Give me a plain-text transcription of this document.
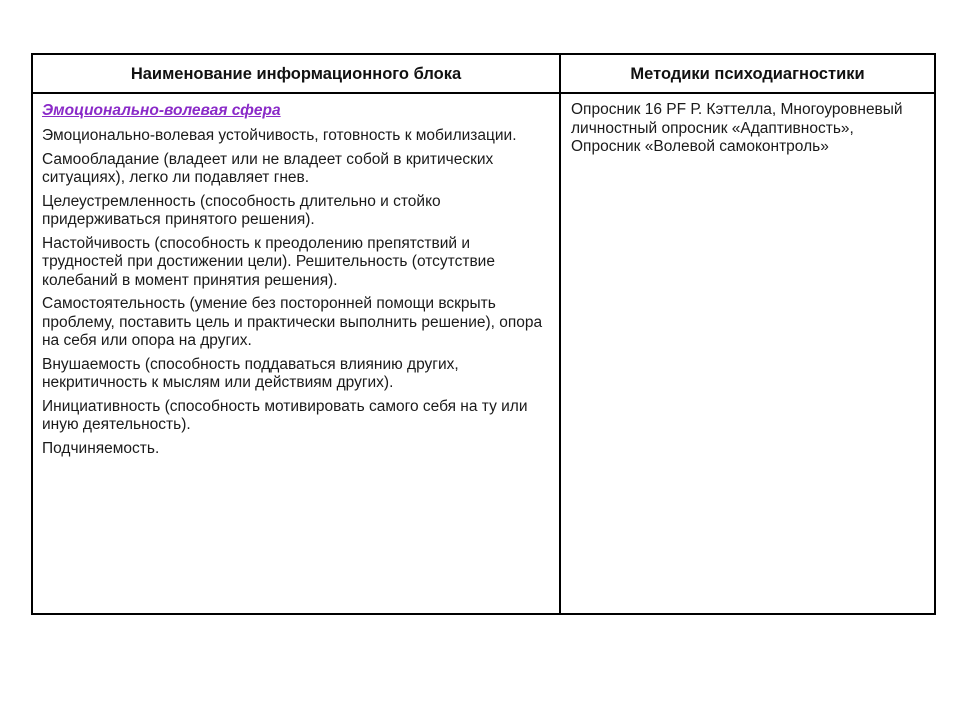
Наименование информационного блока	Методики психодиагностики
Эмоционально-волевая сфера
Эмоционально-волевая устойчивость, готовность к мобилизации.
Самообладание (владеет или не владеет собой в критических ситуациях), легко ли подавляет гнев.
Целеустремленность (способность длительно и стойко придерживаться принятого решения).
Настойчивость (способность к преодолению препятствий и трудностей при достижении цели). Решительность (отсутствие колебаний в момент принятия решения).
Самостоятельность (умение без посторонней помощи вскрыть проблему, поставить цель и практически выполнить решение), опора на себя или опора на других.
Внушаемость (способность поддаваться влиянию других, некритичность к мыслям или действиям других).
Инициативность (способность мотивировать самого себя на ту или иную деятельность).
Подчиняемость.
Опросник 16 PF Р. Кэттелла, Многоуровневый личностный опросник «Адаптивность», Опросник «Волевой самоконтроль»
